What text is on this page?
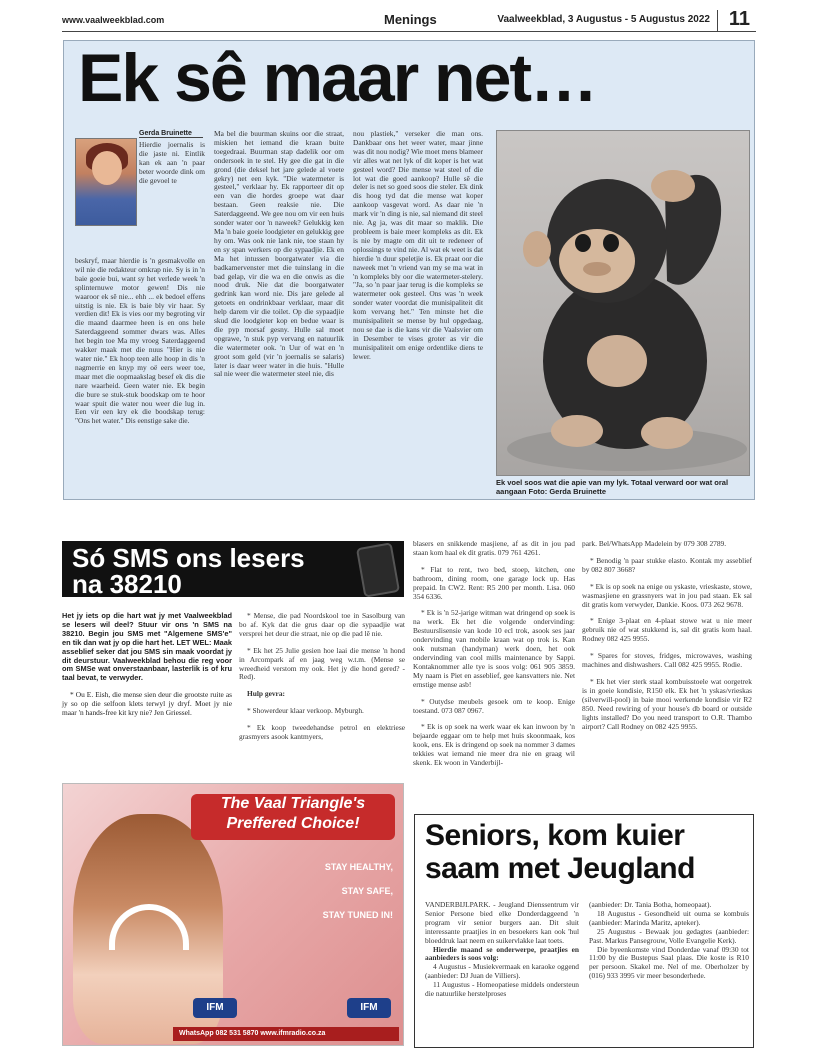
www.vaalweekblad.com	Menings	Vaalweekblad, 3 Augustus - 5 Augustus 2022 11
Ek sê maar net…
Gerda Bruinette
Hierdie joernalis is die jaste ni. Eintlik kan ek aan 'n paar beter woorde dink om die gevoel te
beskryf, maar hierdie is 'n gesmakvolle en wil nie die redakteur omkrap nie. Sy is in 'n baie goeie bui, want sy het verlede week 'n splinternuwe motor gewen! Dis nie waaroor ek sê nie... ehh ... ek bedoel effens uitstig is nie. Ek is baie bly vir haar. Sy verdien dit! Ek is vies oor my begroting vir die maand daarmee heen is en ons hele Saterdaggeend sommer dwars was. Alles het begin toe Ma my vroeg Saterdaggeend wakker maak met die nuus "Hier is nie water nie." Ek hoop teen alle hoop in dis 'n nagmerrie en knyp my oë eers weer toe, maar met die oopmaakslag besef ek dis die nare waarheid. Geen water nie. Ek begin die bure se stuk-stuk boodskap om te hoor waar spuit die water nou weer die lug in. Een vir een kry ek die boodskap terug: "Ons het water." Dis eenstige sake die.
Ma bel die buurman skuins oor die straat, miskien het iemand die kraan buite toegedraai. Buurman stap dadelik oor om ondersoek in te stel. Hy gee die gat in die grond (die deksel het jare gelede al voete gekry) net een kyk. "Die watermeter is gesteel," verklaar hy. Ek rapporteer dit op een van die hordes groepe wat daar bestaan. Geen reaksie nie. Die Saterdaggeend. We gee nou om vir een huis sonder water oor 'n naweek? Gelukkig ken Ma 'n baie goeie loodgieter en gelukkig gee hy om. Was ook nie lank nie, toe staan hy en sy span werkers op die sypaadjie. Ek en Ma het intussen boorgatwater via die badkamervenster met die tuinslang in die bad gelap, vir die wa en die onwis as die nood druk. Nie dat die boorgatwater gedrink kan word nie. Dis jare gelede al getoets en ondrinkbaar verklaar, maar dit help darem vir die toilet. Op die sypaadjie skud die loodgieter kop en bedue waar is die pyp morsaf gesny. Hulle sal moet opgrawe, 'n stuk pyp vervang en natuurlik die watermeter ook. 'n Uur of wat en 'n groot som geld (vir 'n joernalis se salaris) later is daar weer water in die huis. "Hulle sal nie weer die watermeter steel nie, dis
nou plastiek," verseker die man ons. Dankbaar ons het weer water, maar jinne was dit nou nodig? Wie moet mens blameer vir alles wat net lyk of dit koper is het wat gesteel word? Die mense wat steel of die lot wat die goed aankoop? Hulle sê die deler is net so goed soos die steler. Ek dink dis hoog tyd dat die mense wat koper aankoop vasgevat word. As daar nie 'n mark vir 'n ding is nie, sal niemand dit steel nie. Ag ja, was dit maar so maklik. Die probleem is baie meer kompleks as dit. Ek is nie by magte om dit uit te redeneer of oplossings te vind nie. Al wat ek weet is dat hierdie 'n duur speletjie is. Ek praat oor die naweek met 'n vriend van my se ma wat in 'n kompleks bly oor die watermeter-stelery. "Ja, so 'n paar jaar terug is die kompleks se watermeter ook gesteel. Ons was 'n week sonder water voordat die munisipaliteit dit kom vervang het." Ten minste het die munisipaliteit se mense by hul opgedaag, nou se dae is die kans vir die Vaalsvier om in Desember te vises groter as vir die munisipaliteit om enige ordentlike diens te lewer.
Ek voel soos wat die apie van my lyk. Totaal verward oor wat oral aangaan Foto: Gerda Bruinette
Só SMS ons lesers
na 38210

Het jy iets op die hart wat jy met Vaalweekblad se lesers wil deel? Stuur vir ons 'n SMS na 38210. Begin jou SMS met "Algemene SMS'e" en tik dan wat jy op die hart het. LET WEL: Maak asseblief seker dat jou SMS sin maak voordat jy dit deurstuur. Vaalweekblad behou die reg voor om SMSe wat onverstaanbaar, lasterlik is of kru taal bevat, te verwyder.

* Ou E. Eish, die mense sien deur die grootste ruite as jy so op die selfoon klets terwyl jy dryf. Moet jy nie maar 'n hands-free kit kry nie? Jen Griessel.

* Mense, die pad Noordskool toe in Sasolburg van bo af. Kyk dat die grus daar op die sypaadjie wat versprei het deur die straat, nie op die pad lê nie.

* Ek het 25 Julie gesien hoe laai die mense 'n hond in Arcompark af en jaag weg w.t.m. (Mense se wreedheid verstom my ook. Het jy die hond gered? - Red).

Hulp gevra:

* Showerdeur klaar verkoop. Myburgh.

* Ek koop tweedehandse petrol en elektriese grasmyers asook kantmyers,

blasers en snikkende masjiene, af as dit in jou pad staan kom haal ek dit gratis. 079 761 4261.

* Flat to rent, two bed, stoep, kitchen, one bathroom, dining room, one garage lock up. Has prepaid. In CW2. Rent: R5 200 per month. Lisa. 060 354 6336.

* Ek is 'n 52-jarige witman wat dringend op soek is na werk. Ek het die volgende ondervinding: Bestuurslisensie van kode 10 ecl trok, asook ses jaar ondervinding van mobile kraan wat op trok is. Kan ook nutsman (handyman) werk doen, het ook ondervinding van cool mills maintenance by Sappi. Kontaknommer alle tye is soos volg: 061 905 3859. My naam is Piet en asseblief, gee kansvatters nie. Net ernstige mense asb!

* Outydse meubels gesoek om te koop. Enige toestand. 073 087 0967.

* Ek is op soek na werk waar ek kan inwoon by 'n bejaarde eggaar om te help met huis skoonmaak, kos kook, ens. Ek is dringend op soek na nommer 3 dames tekkies wat iemand nie meer dra nie en graag wil skenk. Ek woon in Vanderbijl-

park. Bel/WhatsApp Madelein by 079 308 2789.

* Benodig 'n paar stukke elasto. Kontak my asseblief by 082 807 3668?

* Ek is op soek na enige ou yskaste, vrieskaste, stowe, wasmasjiene en grassnyers wat in jou pad staan. Ek sal dit gratis kom verwyder, Dankie. Koos. 073 262 9678.

* Enige 3-plaat en 4-plaat stowe wat u nie meer gebruik nie of wat stukkend is, sal dit gratis kom haal. Rodney 082 425 9955.

* Spares for stoves, fridges, microwaves, washing machines and dishwashers. Call 082 425 9955. Rodie.

* Ek het vier sterk staal kombuisstoele wat oorgetrek is in goeie kondisie, R150 elk. Ek het 'n yskas/vrieskas (silverwill-pool) in baie mooi werkende kondisie vir R2 850. Need rewiring of your house's db board or outside lights installed? Do you need transport to O.R. Thambo airport? Call Rodney on 082 425 9955.

The Vaal Triangle's
Preffered Choice!
STAY HEALTHY,
STAY SAFE,
STAY TUNED IN!
IFM	IFM
WhatsApp 082 531 5870 www.ifmradio.co.za
Seniors, kom kuier saam met Jeugland

VANDERBIJLPARK. - Jeugland Dienssentrum vir Senior Persone bied elke Donderdaggeend 'n program vir senior burgers aan. Dit sluit interessante praatjies in en besoekers kan ook 'hul bloeddruk laat neem en suikervlakke laat toets.

Hierdie maand se onderwerpe, praatjies en aanbieders is soos volg:

4 Augustus - Musiekvermaak en karaoke oggend (aanbieder: DJ Juan de Villiers).

11 Augustus - Homeopatiese middels ondersteun die natuurlike herstelproses

(aanbieder: Dr. Tania Botha, homeopaat).

18 Augustus - Gesondheid uit ouma se kombuis (aanbieder: Marinda Maritz, apteker).

25 Augustus - Bewaak jou gedagtes (aanbieder: Past. Markus Pansegrouw, Volle Evangelie Kerk).

Die byeenkomste vind Donderdae vanaf 09:30 tot 11:00 by die Bustepus Saal plaas. Die koste is R10 per persoon. Skakel me. Nel of me. Oberholzer by (016) 933 3995 vir meer besonderhede.
